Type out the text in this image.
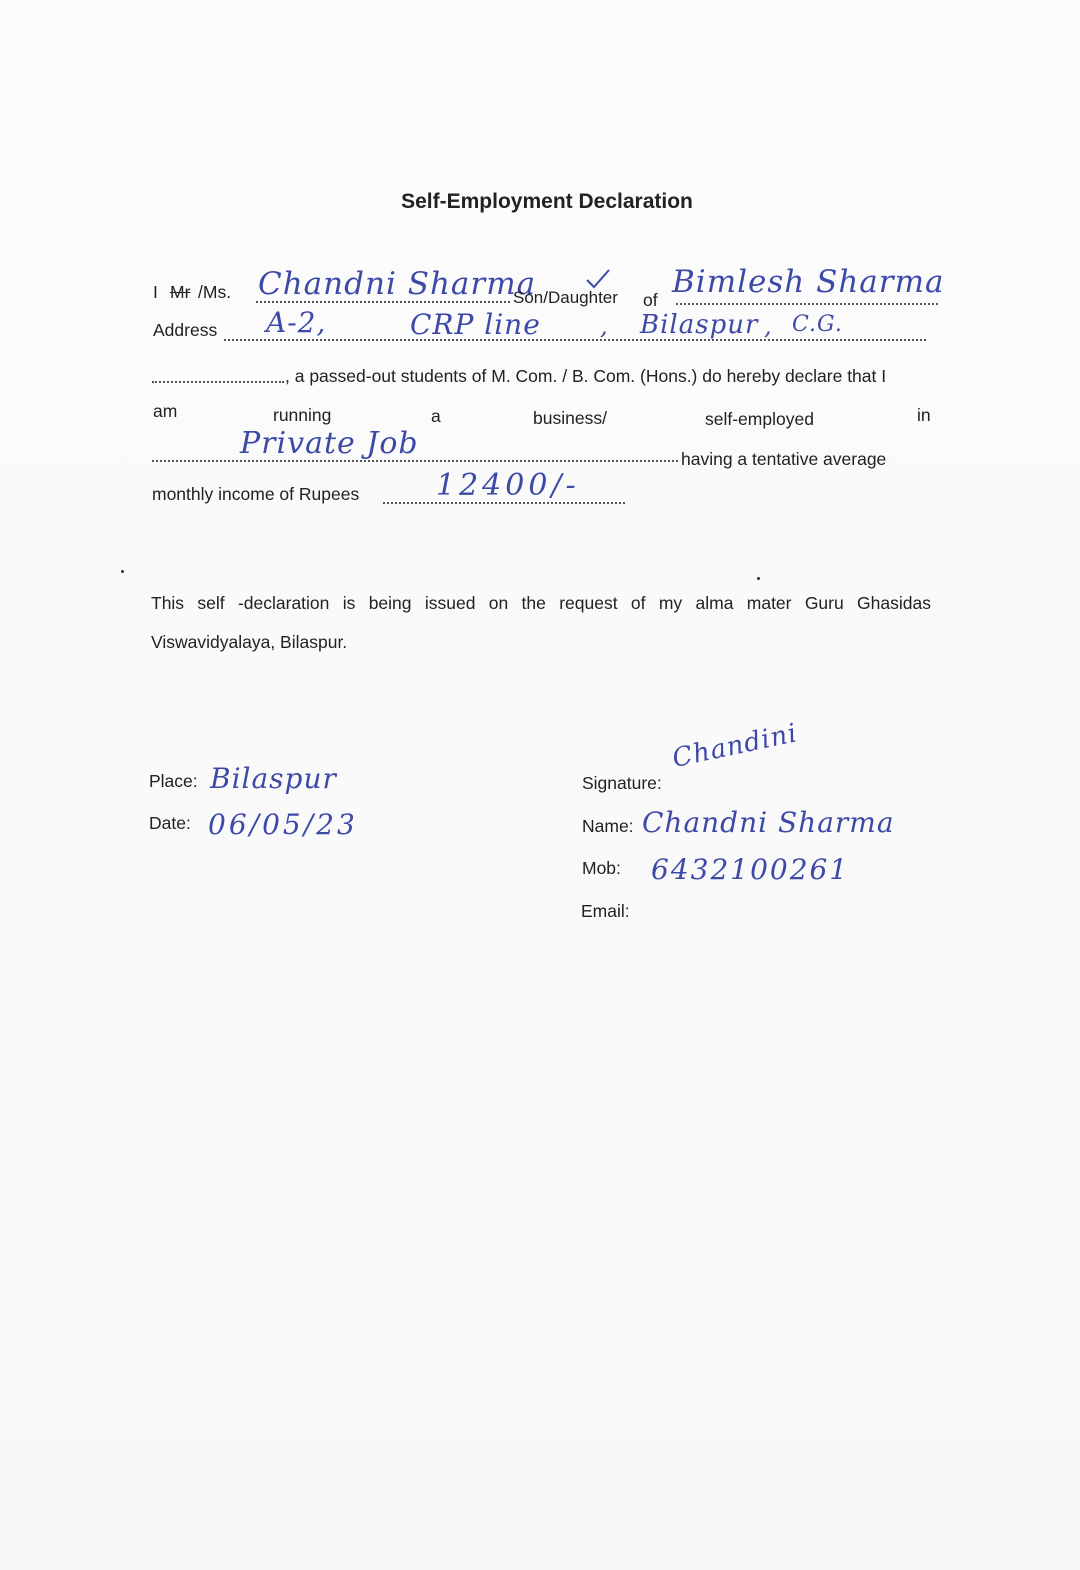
Self-Employment Declaration
I Mr /Ms. Chandni Sharma
Son/Daughter of Bimlesh Sharma
Address A-2,	CRP line , Bilaspur , C.G.
, a passed-out students of M. Com. / B. Com. (Hons.) do hereby declare that I
am	running	a	business/	self-employed	in
Private Job	having a tentative average
monthly income of Rupees	12400/-
This self -declaration is being issued on the request of my alma mater Guru Ghasidas Viswavidyalaya, Bilaspur.
Place: Bilaspur
Date: 06/05/23
Signature:
Chandini
Name: Chandni Sharma
Mob: 6432100261
Email:
